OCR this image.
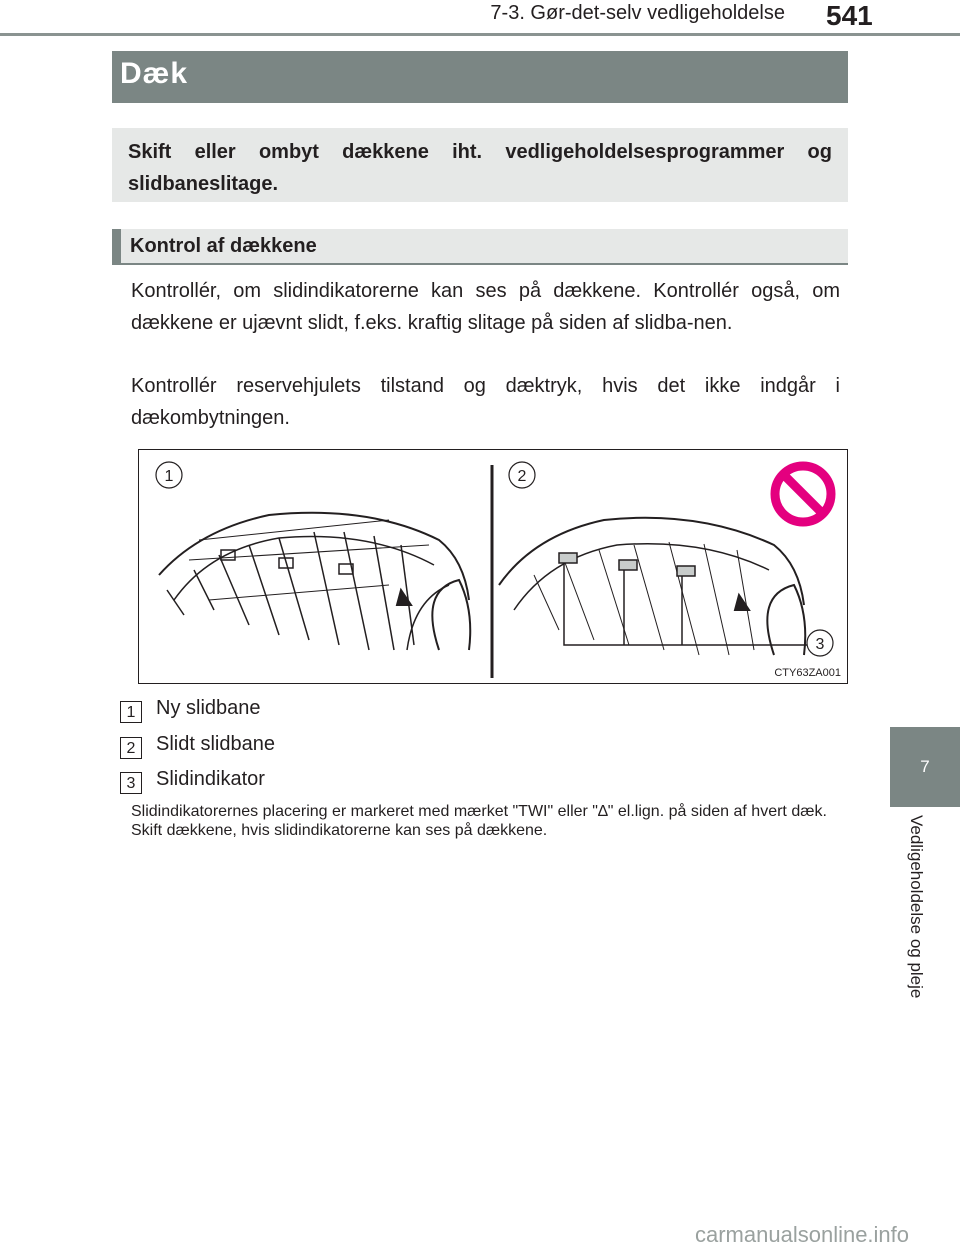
7-3. Gør-det-selv vedligeholdelse 541
7
Vedligeholdelse og pleje
Dæk

Skift eller ombyt dækkene iht. vedligeholdelsesprogrammer og slidbaneslitage.

Kontrol af dækkene

Kontrollér, om slidindikatorerne kan ses på dækkene. Kontrollér også, om dækkene er ujævnt slidt, f.eks. kraftig slitage på siden af slidba-nen.

Kontrollér reservehjulets tilstand og dæktryk, hvis det ikke indgår i dækombytningen.

1	2
3
CTY63ZA001
1	Ny slidbane
2	Slidt slidbane
3	Slidindikator

Slidindikatorernes placering er markeret med mærket "TWI" eller "∆" el.lign. på siden af hvert dæk.

Skift dækkene, hvis slidindikatorerne kan ses på dækkene.

carmanualsonline.info
